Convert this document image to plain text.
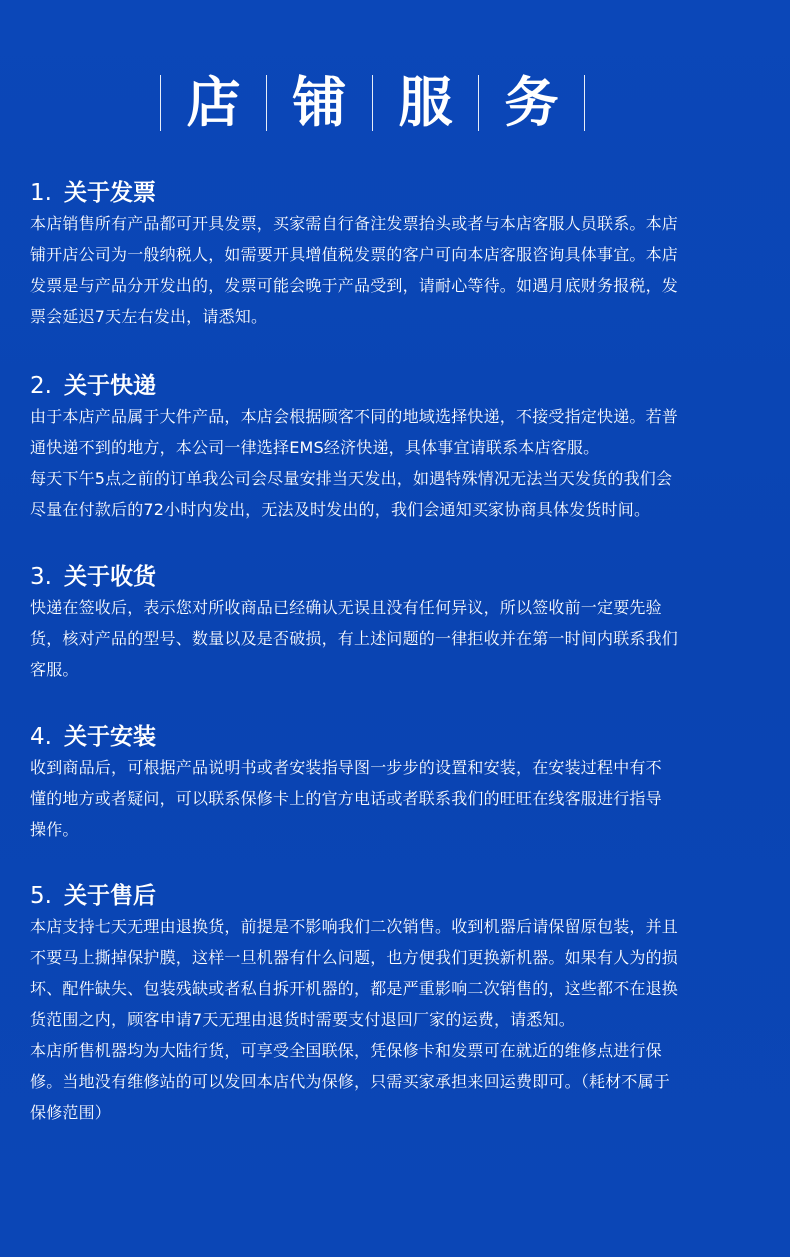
店 铺 服 务
1. 关于发票
本店销售所有产品都可开具发票，买家需自行备注发票抬头或者与本店客服人员联系。本店
铺开店公司为一般纳税人，如需要开具增值税发票的客户可向本店客服咨询具体事宜。本店
发票是与产品分开发出的，发票可能会晚于产品受到，请耐心等待。如遇月底财务报税，发
票会延迟7天左右发出，请悉知。
2. 关于快递
由于本店产品属于大件产品，本店会根据顾客不同的地域选择快递，不接受指定快递。若普
通快递不到的地方，本公司一律选择EMS经济快递，具体事宜请联系本店客服。
每天下午5点之前的订单我公司会尽量安排当天发出，如遇特殊情况无法当天发货的我们会
尽量在付款后的72小时内发出，无法及时发出的，我们会通知买家协商具体发货时间。
3. 关于收货
快递在签收后，表示您对所收商品已经确认无误且没有任何异议，所以签收前一定要先验
货，核对产品的型号、数量以及是否破损，有上述问题的一律拒收并在第一时间内联系我们
客服。
4. 关于安装
收到商品后，可根据产品说明书或者安装指导图一步步的设置和安装，在安装过程中有不
懂的地方或者疑问，可以联系保修卡上的官方电话或者联系我们的旺旺在线客服进行指导
操作。
5. 关于售后
本店支持七天无理由退换货，前提是不影响我们二次销售。收到机器后请保留原包装，并且
不要马上撕掉保护膜，这样一旦机器有什么问题，也方便我们更换新机器。如果有人为的损
坏、配件缺失、包装残缺或者私自拆开机器的，都是严重影响二次销售的，这些都不在退换
货范围之内，顾客申请7天无理由退货时需要支付退回厂家的运费，请悉知。
本店所售机器均为大陆行货，可享受全国联保，凭保修卡和发票可在就近的维修点进行保
修。当地没有维修站的可以发回本店代为保修，只需买家承担来回运费即可。（耗材不属于
保修范围）
